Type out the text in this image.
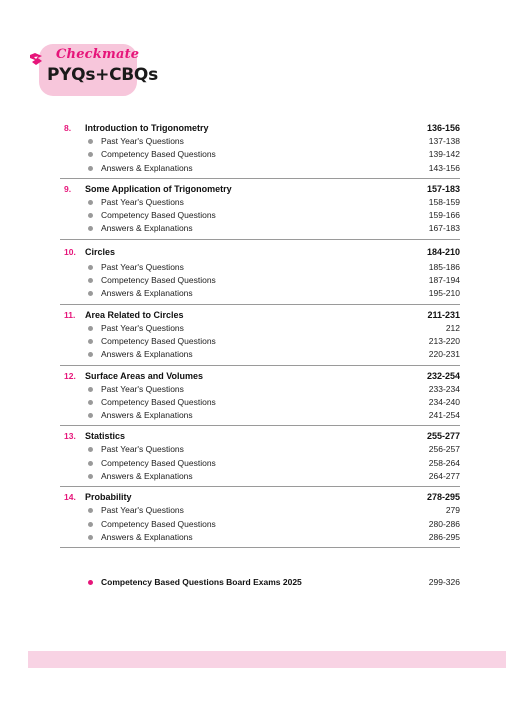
Checkmate
PYQs+CBQs
8. Introduction to Trigonometry	136-156
Past Year's Questions	137-138
Competency Based Questions	139-142
Answers & Explanations	143-156
9. Some Application of Trigonometry	157-183
Past Year's Questions	158-159
Competency Based Questions	159-166
Answers & Explanations	167-183
10. Circles	184-210
Past Year's Questions	185-186
Competency Based Questions	187-194
Answers & Explanations	195-210
11. Area Related to Circles	211-231
Past Year's Questions	212
Competency Based Questions	213-220
Answers & Explanations	220-231
12. Surface Areas and Volumes	232-254
Past Year's Questions	233-234
Competency Based Questions	234-240
Answers & Explanations	241-254
13. Statistics	255-277
Past Year's Questions	256-257
Competency Based Questions	258-264
Answers & Explanations	264-277
14. Probability	278-295
Past Year's Questions	279
Competency Based Questions	280-286
Answers & Explanations	286-295
Competency Based Questions Board Exams 2025	299-326
